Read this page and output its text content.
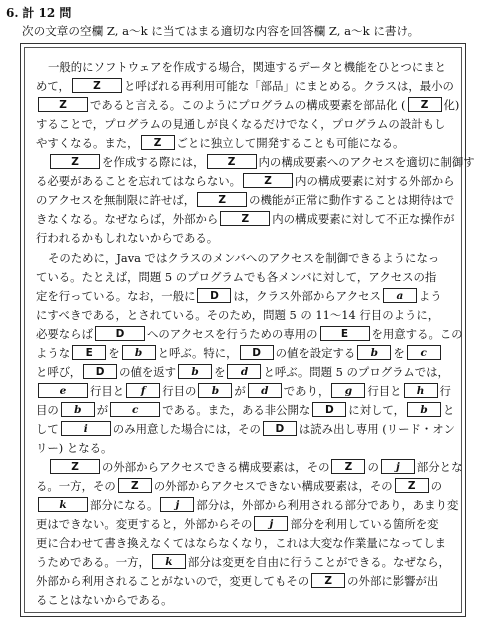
6. 計 12 問
次の文章の空欄 Z, a～k に当てはまる適切な内容を回答欄 Z, a～k に書け。
一般的にソフトウェアを作成する場合，関連するデータと機能をひとつにまと
めて， Z と呼ばれる再利用可能な「部品」にまとめる。クラスは，最小の
Z であると言える。このようにプログラムの構成要素を部品化 ( Z 化)
することで，プログラムの見通しが良くなるだけでなく，プログラムの設計もし
やすくなる。また， Z ごとに独立して開発することも可能になる。
Z を作成する際には， Z 内の構成要素へのアクセスを適切に制御す
る必要があることを忘れてはならない。 Z 内の構成要素に対する外部から
のアクセスを無制限に許せば， Z の機能が正常に動作することは期待はで
きなくなる。なぜならば，外部から Z 内の構成要素に対して不正な操作が
行われるかもしれないからである。
そのために，Java ではクラスのメンバへのアクセスを制御できるようになっ
ている。たとえば，問題 5 のプログラムでも各メンバに対して，アクセスの指
定を行っている。なお，一般に D は，クラス外部からアクセス a よう
にすべきである，とされている。そのため，問題 5 の 11～14 行目のように，
必要ならば D へのアクセスを行うための専用の E を用意する。この
ような E を b と呼ぶ。特に， D の値を設定する b を c
と呼び， D の値を返す b を d と呼ぶ。問題 5 のプログラムでは，
e 行目と f 行目の b が d であり， g 行目と h 行
目の b が c である。また，ある非公開な D に対して， b と
して i のみ用意した場合には，その D は読み出し専用 (リード・オン
リー) となる。
Z の外部からアクセスできる構成要素は，その Z の j 部分とな
る。一方，その Z の外部からアクセスできない構成要素は，その Z の
k 部分になる。 j 部分は，外部から利用される部分であり，あまり変
更はできない。変更すると，外部からその j 部分を利用している箇所を変
更に合わせて書き換えなくてはならなくなり，これは大変な作業量になってしま
うためである。一方， k 部分は変更を自由に行うことができる。なぜなら，
外部から利用されることがないので，変更してもその Z の外部に影響が出
ることはないからである。
